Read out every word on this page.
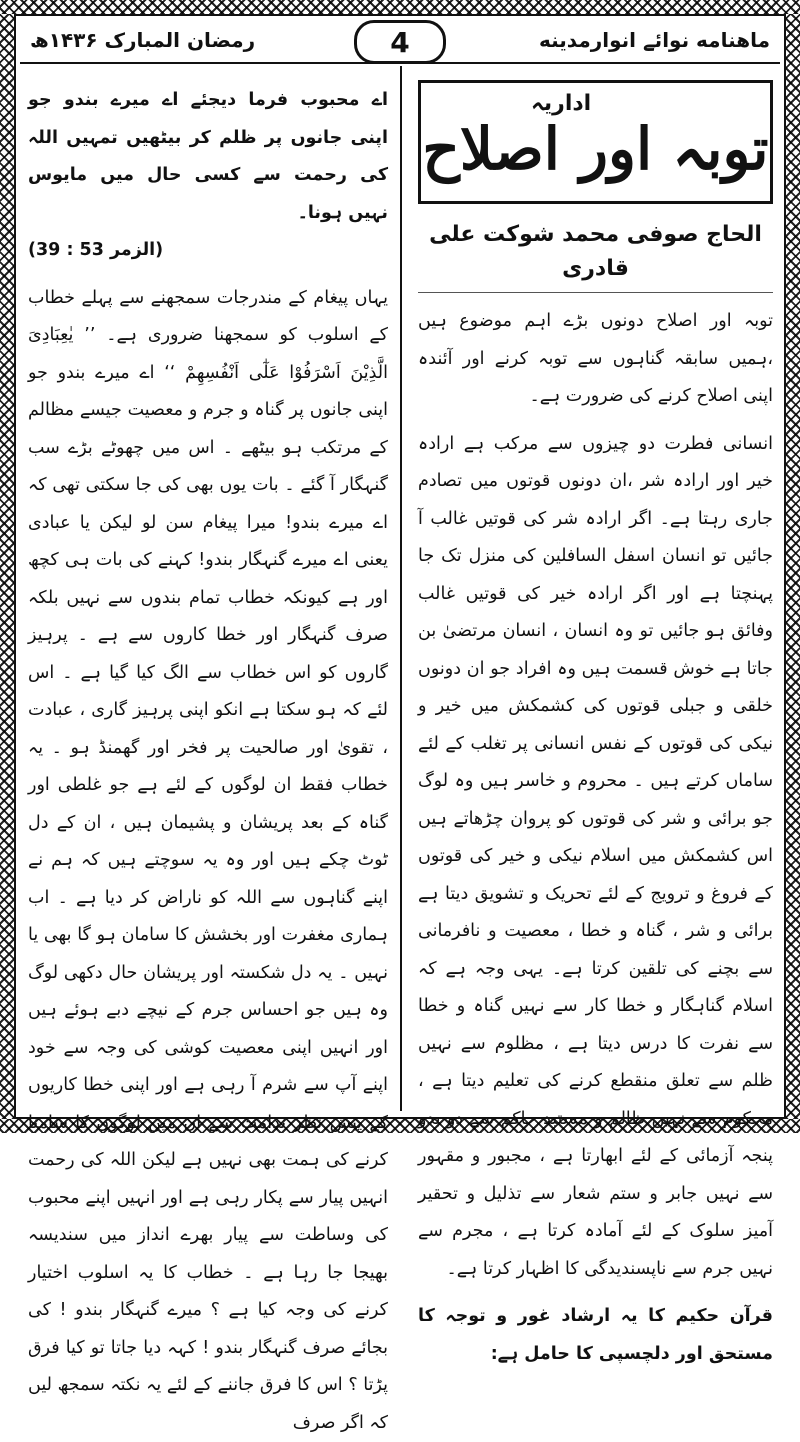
رمضان المبارک ۱۴۳۶ھ	ماهنامه نوائے انوارمدینه
4
اداریہ
توبہ اور اصلاح
الحاج صوفی محمد شوکت علی قادری

توبہ اور اصلاح دونوں بڑے اہم موضوع ہیں ،ہمیں سابقہ گناہوں سے توبہ کرنے اور آئندہ اپنی اصلاح کرنے کی ضرورت ہے۔

انسانی فطرت دو چیزوں سے مرکب ہے ارادہ خیر اور ارادہ شر ،ان دونوں قوتوں میں تصادم جاری رہتا ہے۔ اگر ارادہ شر کی قوتیں غالب آ جائیں تو انسان اسفل السافلین کی منزل تک جا پہنچتا ہے اور اگر ارادہ خیر کی قوتیں غالب وفائق ہو جائیں تو وہ انسان ، انسان مرتضیٰ بن جاتا ہے خوش قسمت ہیں وہ افراد جو ان دونوں خلقی و جبلی قوتوں کی کشمکش میں خیر و نیکی کی قوتوں کے نفس انسانی پر تغلب کے لئے ساماں کرتے ہیں ۔ محروم و خاسر ہیں وہ لوگ جو برائی و شر کی قوتوں کو پروان چڑھاتے ہیں اس کشمکش میں اسلام نیکی و خیر کی قوتوں کے فروغ و ترویج کے لئے تحریک و تشویق دیتا ہے برائی و شر ، گناہ و خطا ، معصیت و نافرمانی سے بچنے کی تلقین کرتا ہے۔ یہی وجہ ہے کہ اسلام گناہگار و خطا کار سے نہیں گناہ و خطا سے نفرت کا درس دیتا ہے ، مظلوم سے نہیں ظلم سے تعلق منقطع کرنے کی تعلیم دیتا ہے ، محکوم سے نہیں ظالم و مستبد حاکم سے دو بدو پنجہ آزمائی کے لئے ابھارتا ہے ، مجبور و مقہور سے نہیں جابر و ستم شعار سے تذلیل و تحقیر آمیز سلوک کے لئے آمادہ کرتا ہے ، مجرم سے نہیں جرم سے ناپسندیدگی کا اظہار کرتا ہے۔

قرآن حکیم کا یہ ارشاد غور و توجہ کا مستحق اور دلچسپی کا حامل ہے:

اے محبوب فرما دیجئے اے میرے بندو جو اپنی جانوں پر ظلم کر بیٹھیں تمہیں اللہ کی رحمت سے کسی حال میں مایوس نہیں ہونا۔

(الزمر 53 : 39)

یہاں پیغام کے مندرجات سمجھنے سے پہلے خطاب کے اسلوب کو سمجھنا ضروری ہے۔ ’’ یٰعِبَادِیَ الَّذِیْنَ اَسْرَفُوْا عَلٰٓی اَنْفُسِهِمْ ‘‘ اے میرے بندو جو اپنی جانوں پر گناہ و جرم و معصیت جیسے مظالم کے مرتکب ہو بیٹھے ۔ اس میں چھوٹے بڑے سب گنہگار آ گئے ۔ بات یوں بھی کی جا سکتی تھی کہ اے میرے بندو! میرا پیغام سن لو لیکن یا عبادی یعنی اے میرے گنہگار بندو! کہنے کی بات ہی کچھ اور ہے کیونکہ خطاب تمام بندوں سے نہیں بلکہ صرف گنہگار اور خطا کاروں سے ہے ۔ پرہیز گاروں کو اس خطاب سے الگ کیا گیا ہے ۔ اس لئے کہ ہو سکتا ہے انکو اپنی پرہیز گاری ، عبادت ، تقویٰ اور صالحیت پر فخر اور گھمنڈ ہو ۔ یہ خطاب فقط ان لوگوں کے لئے ہے جو غلطی اور گناہ کے بعد پریشان و پشیمان ہیں ، ان کے دل ٹوٹ چکے ہیں اور وہ یہ سوچتے ہیں کہ ہم نے اپنے گناہوں سے اللہ کو ناراض کر دیا ہے ۔ اب ہماری مغفرت اور بخشش کا سامان ہو گا بھی یا نہیں ۔ یہ دل شکستہ اور پریشان حال دکھی لوگ وہ ہیں جو احساس جرم کے نیچے دبے ہوئے ہیں اور انہیں اپنی معصیت کوشی کی وجہ سے خود اپنے آپ سے شرم آ رہی ہے اور اپنی خطا کاریوں کے پیش نظر ندامت سے ان میں لوگوں کا سامنا کرنے کی ہمت بھی نہیں ہے لیکن اللہ کی رحمت انہیں پیار سے پکار رہی ہے اور انہیں اپنے محبوب کی وساطت سے پیار بھرے انداز میں سندیسہ بھیجا جا رہا ہے ۔ خطاب کا یہ اسلوب اختیار کرنے کی وجہ کیا ہے ؟ میرے گنہگار بندو ! کی بجائے صرف گنہگار بندو ! کہہ دیا جاتا تو کیا فرق پڑتا ؟ اس کا فرق جاننے کے لئے یہ نکتہ سمجھ لیں کہ اگر صرف
